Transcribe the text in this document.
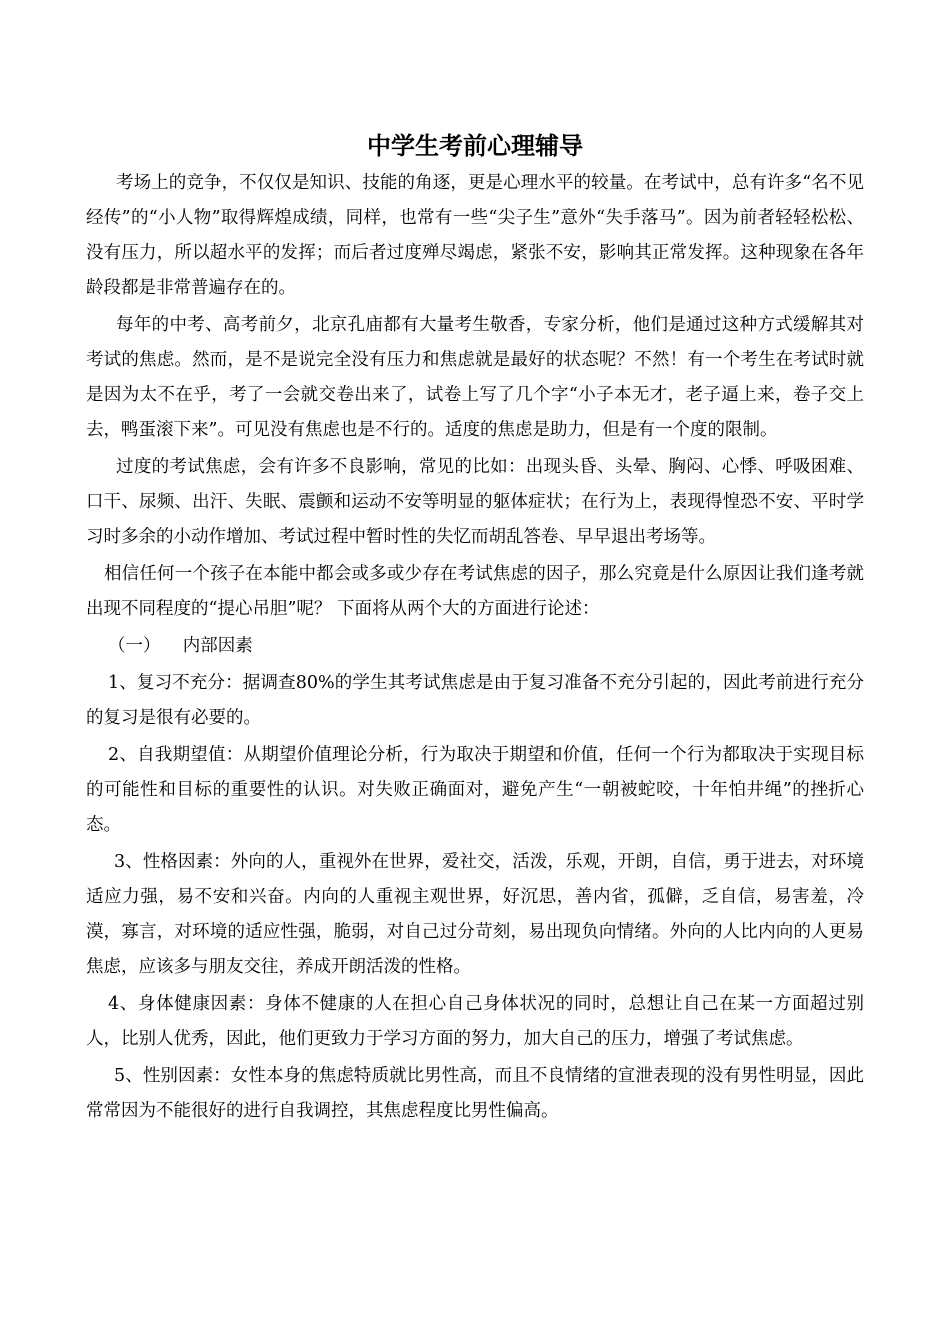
中学生考前心理辅导

考场上的竞争，不仅仅是知识、技能的角逐，更是心理水平的较量。在考试中，总有许多“名不见经传”的“小人物”取得辉煌成绩，同样，也常有一些“尖子生”意外“失手落马”。因为前者轻轻松松、没有压力，所以超水平的发挥；而后者过度殚尽竭虑，紧张不安，影响其正常发挥。这种现象在各年龄段都是非常普遍存在的。

每年的中考、高考前夕，北京孔庙都有大量考生敬香，专家分析，他们是通过这种方式缓解其对考试的焦虑。然而，是不是说完全没有压力和焦虑就是最好的状态呢？不然！有一个考生在考试时就是因为太不在乎，考了一会就交卷出来了，试卷上写了几个字“小子本无才，老子逼上来，卷子交上去，鸭蛋滚下来”。可见没有焦虑也是不行的。适度的焦虑是助力，但是有一个度的限制。

过度的考试焦虑，会有许多不良影响，常见的比如：出现头昏、头晕、胸闷、心悸、呼吸困难、口干、尿频、出汗、失眠、震颤和运动不安等明显的躯体症状；在行为上，表现得惶恐不安、平时学习时多余的小动作增加、考试过程中暂时性的失忆而胡乱答卷、早早退出考场等。

相信任何一个孩子在本能中都会或多或少存在考试焦虑的因子，那么究竟是什么原因让我们逢考就出现不同程度的“提心吊胆”呢？ 下面将从两个大的方面进行论述：

（一）    内部因素

1、复习不充分：据调查80%的学生其考试焦虑是由于复习准备不充分引起的，因此考前进行充分的复习是很有必要的。

2、自我期望值：从期望价值理论分析，行为取决于期望和价值，任何一个行为都取决于实现目标的可能性和目标的重要性的认识。对失败正确面对，避免产生“一朝被蛇咬，十年怕井绳”的挫折心态。

3、性格因素：外向的人，重视外在世界，爱社交，活泼，乐观，开朗，自信，勇于进去，对环境适应力强，易不安和兴奋。内向的人重视主观世界，好沉思，善内省，孤僻，乏自信，易害羞，冷漠，寡言，对环境的适应性强，脆弱，对自己过分苛刻，易出现负向情绪。外向的人比内向的人更易焦虑，应该多与朋友交往，养成开朗活泼的性格。

4、身体健康因素：身体不健康的人在担心自己身体状况的同时，总想让自己在某一方面超过别人，比别人优秀，因此，他们更致力于学习方面的努力，加大自己的压力，增强了考试焦虑。

5、性别因素：女性本身的焦虑特质就比男性高，而且不良情绪的宣泄表现的没有男性明显，因此常常因为不能很好的进行自我调控，其焦虑程度比男性偏高。
